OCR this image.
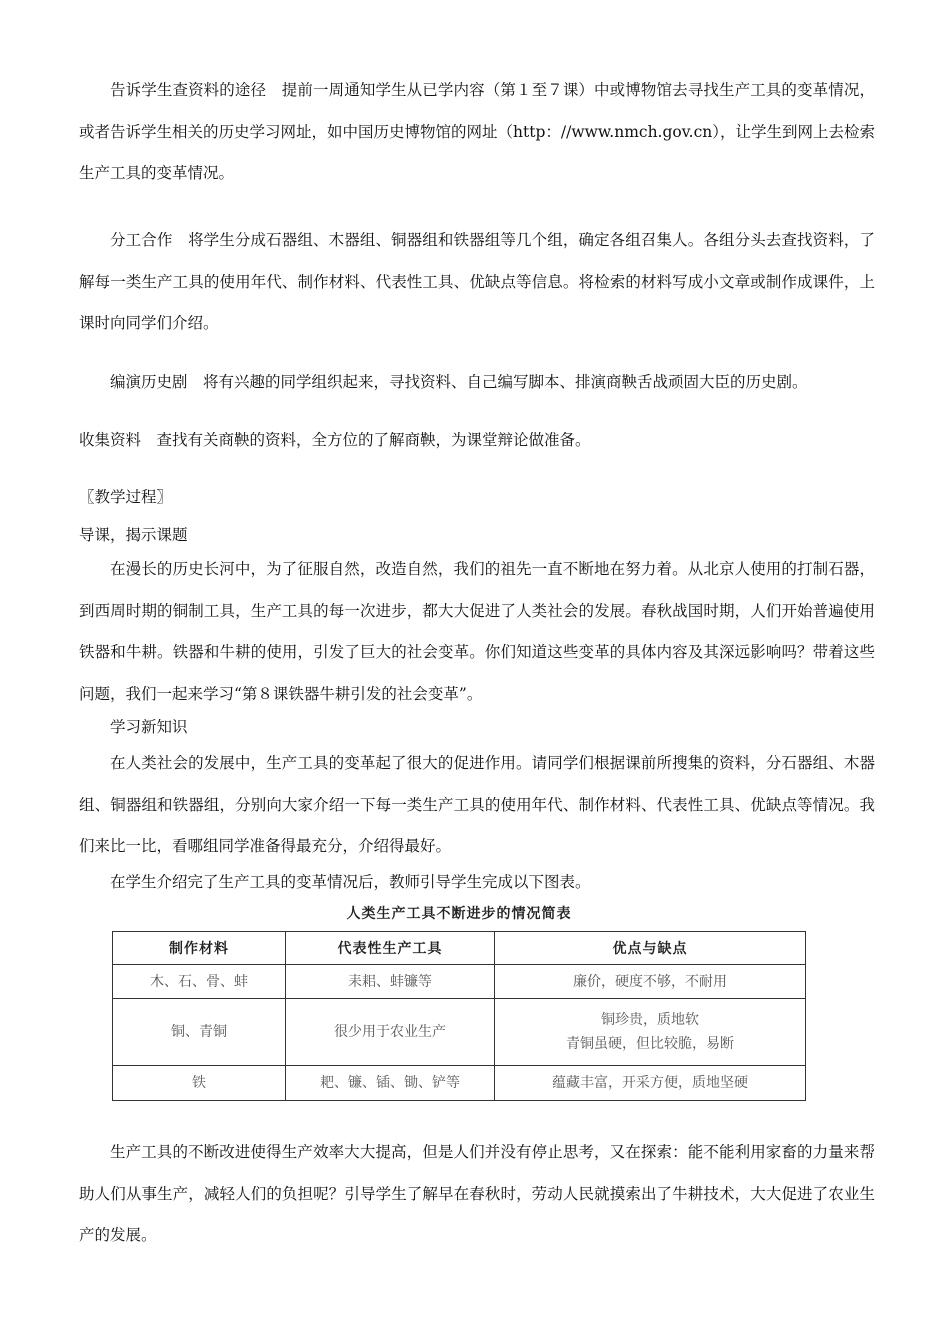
告诉学生查资料的途径　提前一周通知学生从已学内容（第１至７课）中或博物馆去寻找生产工具的变革情况，或者告诉学生相关的历史学习网址，如中国历史博物馆的网址（http：//www.nmch.gov.cn），让学生到网上去检索生产工具的变革情况。

分工合作　将学生分成石器组、木器组、铜器组和铁器组等几个组，确定各组召集人。各组分头去查找资料，了解每一类生产工具的使用年代、制作材料、代表性工具、优缺点等信息。将检索的材料写成小文章或制作成课件，上课时向同学们介绍。

编演历史剧　将有兴趣的同学组织起来，寻找资料、自己编写脚本、排演商鞅舌战顽固大臣的历史剧。

收集资料　查找有关商鞅的资料，全方位的了解商鞅，为课堂辩论做准备。

〖教学过程〗

导课，揭示课题

在漫长的历史长河中，为了征服自然，改造自然，我们的祖先一直不断地在努力着。从北京人使用的打制石器，到西周时期的铜制工具，生产工具的每一次进步，都大大促进了人类社会的发展。春秋战国时期，人们开始普遍使用铁器和牛耕。铁器和牛耕的使用，引发了巨大的社会变革。你们知道这些变革的具体内容及其深远影响吗？带着这些问题，我们一起来学习“第８课铁器牛耕引发的社会变革”。

学习新知识

在人类社会的发展中，生产工具的变革起了很大的促进作用。请同学们根据课前所搜集的资料，分石器组、木器组、铜器组和铁器组，分别向大家介绍一下每一类生产工具的使用年代、制作材料、代表性工具、优缺点等情况。我们来比一比，看哪组同学准备得最充分，介绍得最好。

在学生介绍完了生产工具的变革情况后，教师引导学生完成以下图表。

人类生产工具不断进步的情况简表
制作材料	代表性生产工具	优点与缺点
木、石、骨、蚌	耒耜、蚌镰等	廉价，硬度不够，不耐用
铜、青铜	很少用于农业生产	铜珍贵，质地软
青铜虽硬，但比较脆，易断

铁	耙、镰、锸、锄、铲等	蕴藏丰富，开采方便，质地坚硬

生产工具的不断改进使得生产效率大大提高，但是人们并没有停止思考，又在探索：能不能利用家畜的力量来帮助人们从事生产，减轻人们的负担呢？引导学生了解早在春秋时，劳动人民就摸索出了牛耕技术，大大促进了农业生产的发展。
